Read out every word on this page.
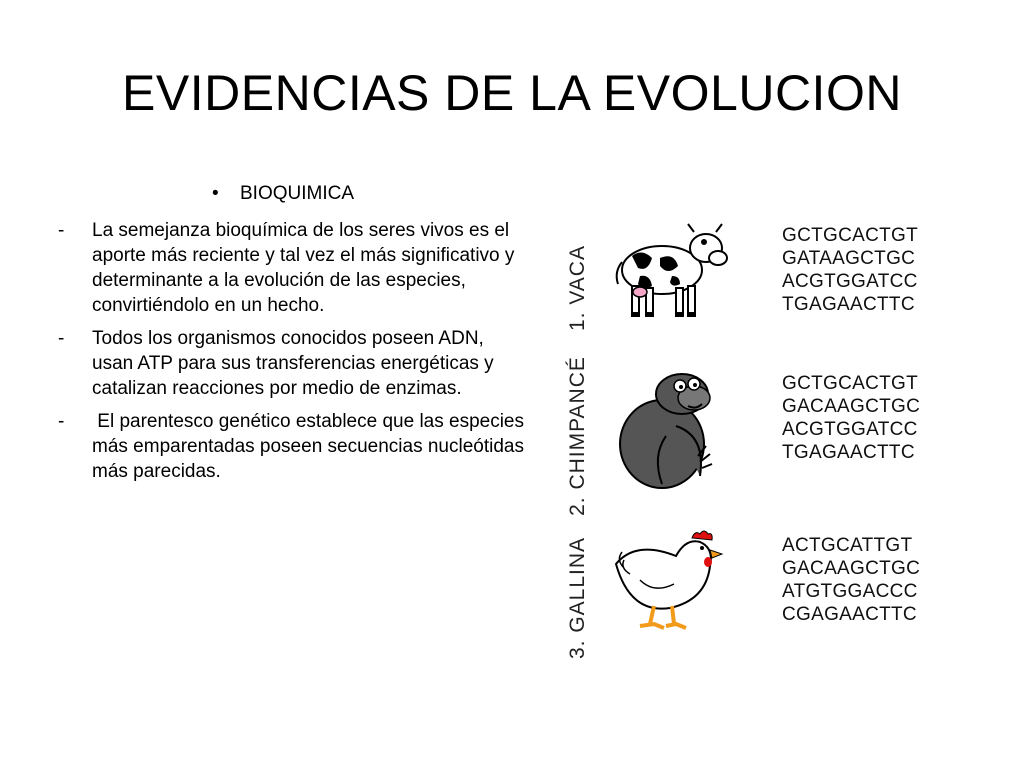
EVIDENCIAS DE LA EVOLUCION
• BIOQUIMICA
- La semejanza bioquímica de los seres vivos es el aporte más reciente y tal vez el más significativo y determinante a la evolución de las especies, convirtiéndolo en un hecho.
- Todos los organismos conocidos poseen ADN, usan ATP para sus transferencias energéticas y catalizan reacciones por medio de enzimas.
- El parentesco genético establece que las especies más emparentadas poseen secuencias nucleótidas más parecidas.
1. VACA
GCTGCACTGT
GATAAGCTGC
ACGTGGATCC
TGAGAACTTC
2. CHIMPANCÉ	GCTGCACTGT
GACAAGCTGC
ACGTGGATCC
TGAGAACTTC
3. GALLINA	ACTGCATTGT
GACAAGCTGC
ATGTGGACCC
CGAGAACTTC
